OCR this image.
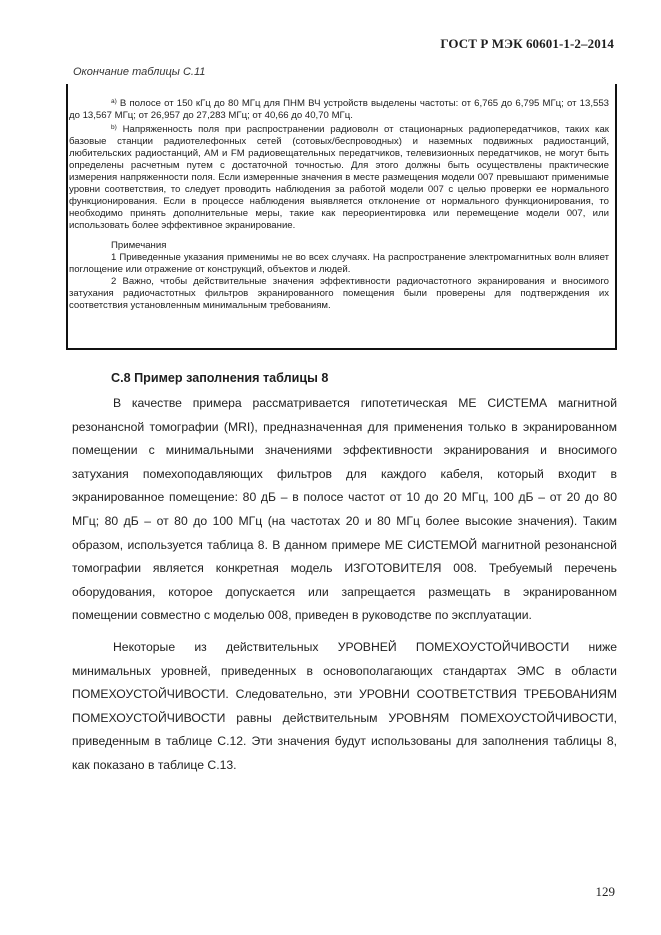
ГОСТ Р МЭК 60601-1-2–2014
Окончание таблицы С.11

$^{а)}$ В полосе от 150 кГц до 80 МГц для ПНМ ВЧ устройств выделены частоты: от 6,765 до 6,795 МГц; от 13,553 до 13,567 МГц; от 26,957 до 27,283 МГц; от 40,66 до 40,70 МГц.

$^{b)}$ Напряженность поля при распространении радиоволн от стационарных радиопередатчиков, таких как базовые станции радиотелефонных сетей (сотовых/беспроводных) и наземных подвижных радиостанций, любительских радиостанций, АМ и FM радиовещательных передатчиков, телевизионных передатчиков, не могут быть определены расчетным путем с достаточной точностью. Для этого должны быть осуществлены практические измерения напряженности поля. Если измеренные значения в месте размещения модели 007 превышают применимые уровни соответствия, то следует проводить наблюдения за работой модели 007 с целью проверки ее нормального функционирования. Если в процессе наблюдения выявляется отклонение от нормального функционирования, то необходимо принять дополнительные меры, такие как переориентировка или перемещение модели 007, или использовать более эффективное экранирование.

Примечания

1 Приведенные указания применимы не во всех случаях. На распространение электромагнитных волн влияет поглощение или отражение от конструкций, объектов и людей.

2 Важно, чтобы действительные значения эффективности радиочастотного экранирования и вносимого затухания радиочастотных фильтров экранированного помещения были проверены для подтверждения их соответствия установленным минимальным требованиям.

С.8 Пример заполнения таблицы 8

В качестве примера рассматривается гипотетическая МЕ СИСТЕМА магнитной резонансной томографии (MRI), предназначенная для применения только в экранированном помещении с минимальными значениями эффективности экранирования и вносимого затухания помехоподавляющих фильтров для каждого кабеля, который входит в экранированное помещение: 80 дБ – в полосе частот от 10 до 20 МГц, 100 дБ – от 20 до 80 МГц; 80 дБ – от 80 до 100 МГц (на частотах 20 и 80 МГц более высокие значения). Таким образом, используется таблица 8. В данном примере МЕ СИСТЕМОЙ магнитной резонансной томографии является конкретная модель ИЗГОТОВИТЕЛЯ 008. Требуемый перечень оборудования, которое допускается или запрещается размещать в экранированном помещении совместно с моделью 008, приведен в руководстве по эксплуатации.

Некоторые из действительных УРОВНЕЙ ПОМЕХОУСТОЙЧИВОСТИ ниже минимальных уровней, приведенных в основополагающих стандартах ЭМС в области ПОМЕХОУСТОЙЧИВОСТИ. Следовательно, эти УРОВНИ СООТВЕТСТВИЯ ТРЕБОВАНИЯМ ПОМЕХОУСТОЙЧИВОСТИ равны действительным УРОВНЯМ ПОМЕХОУСТОЙЧИВОСТИ, приведенным в таблице С.12. Эти значения будут использованы для заполнения таблицы 8, как показано в таблице С.13.

129
